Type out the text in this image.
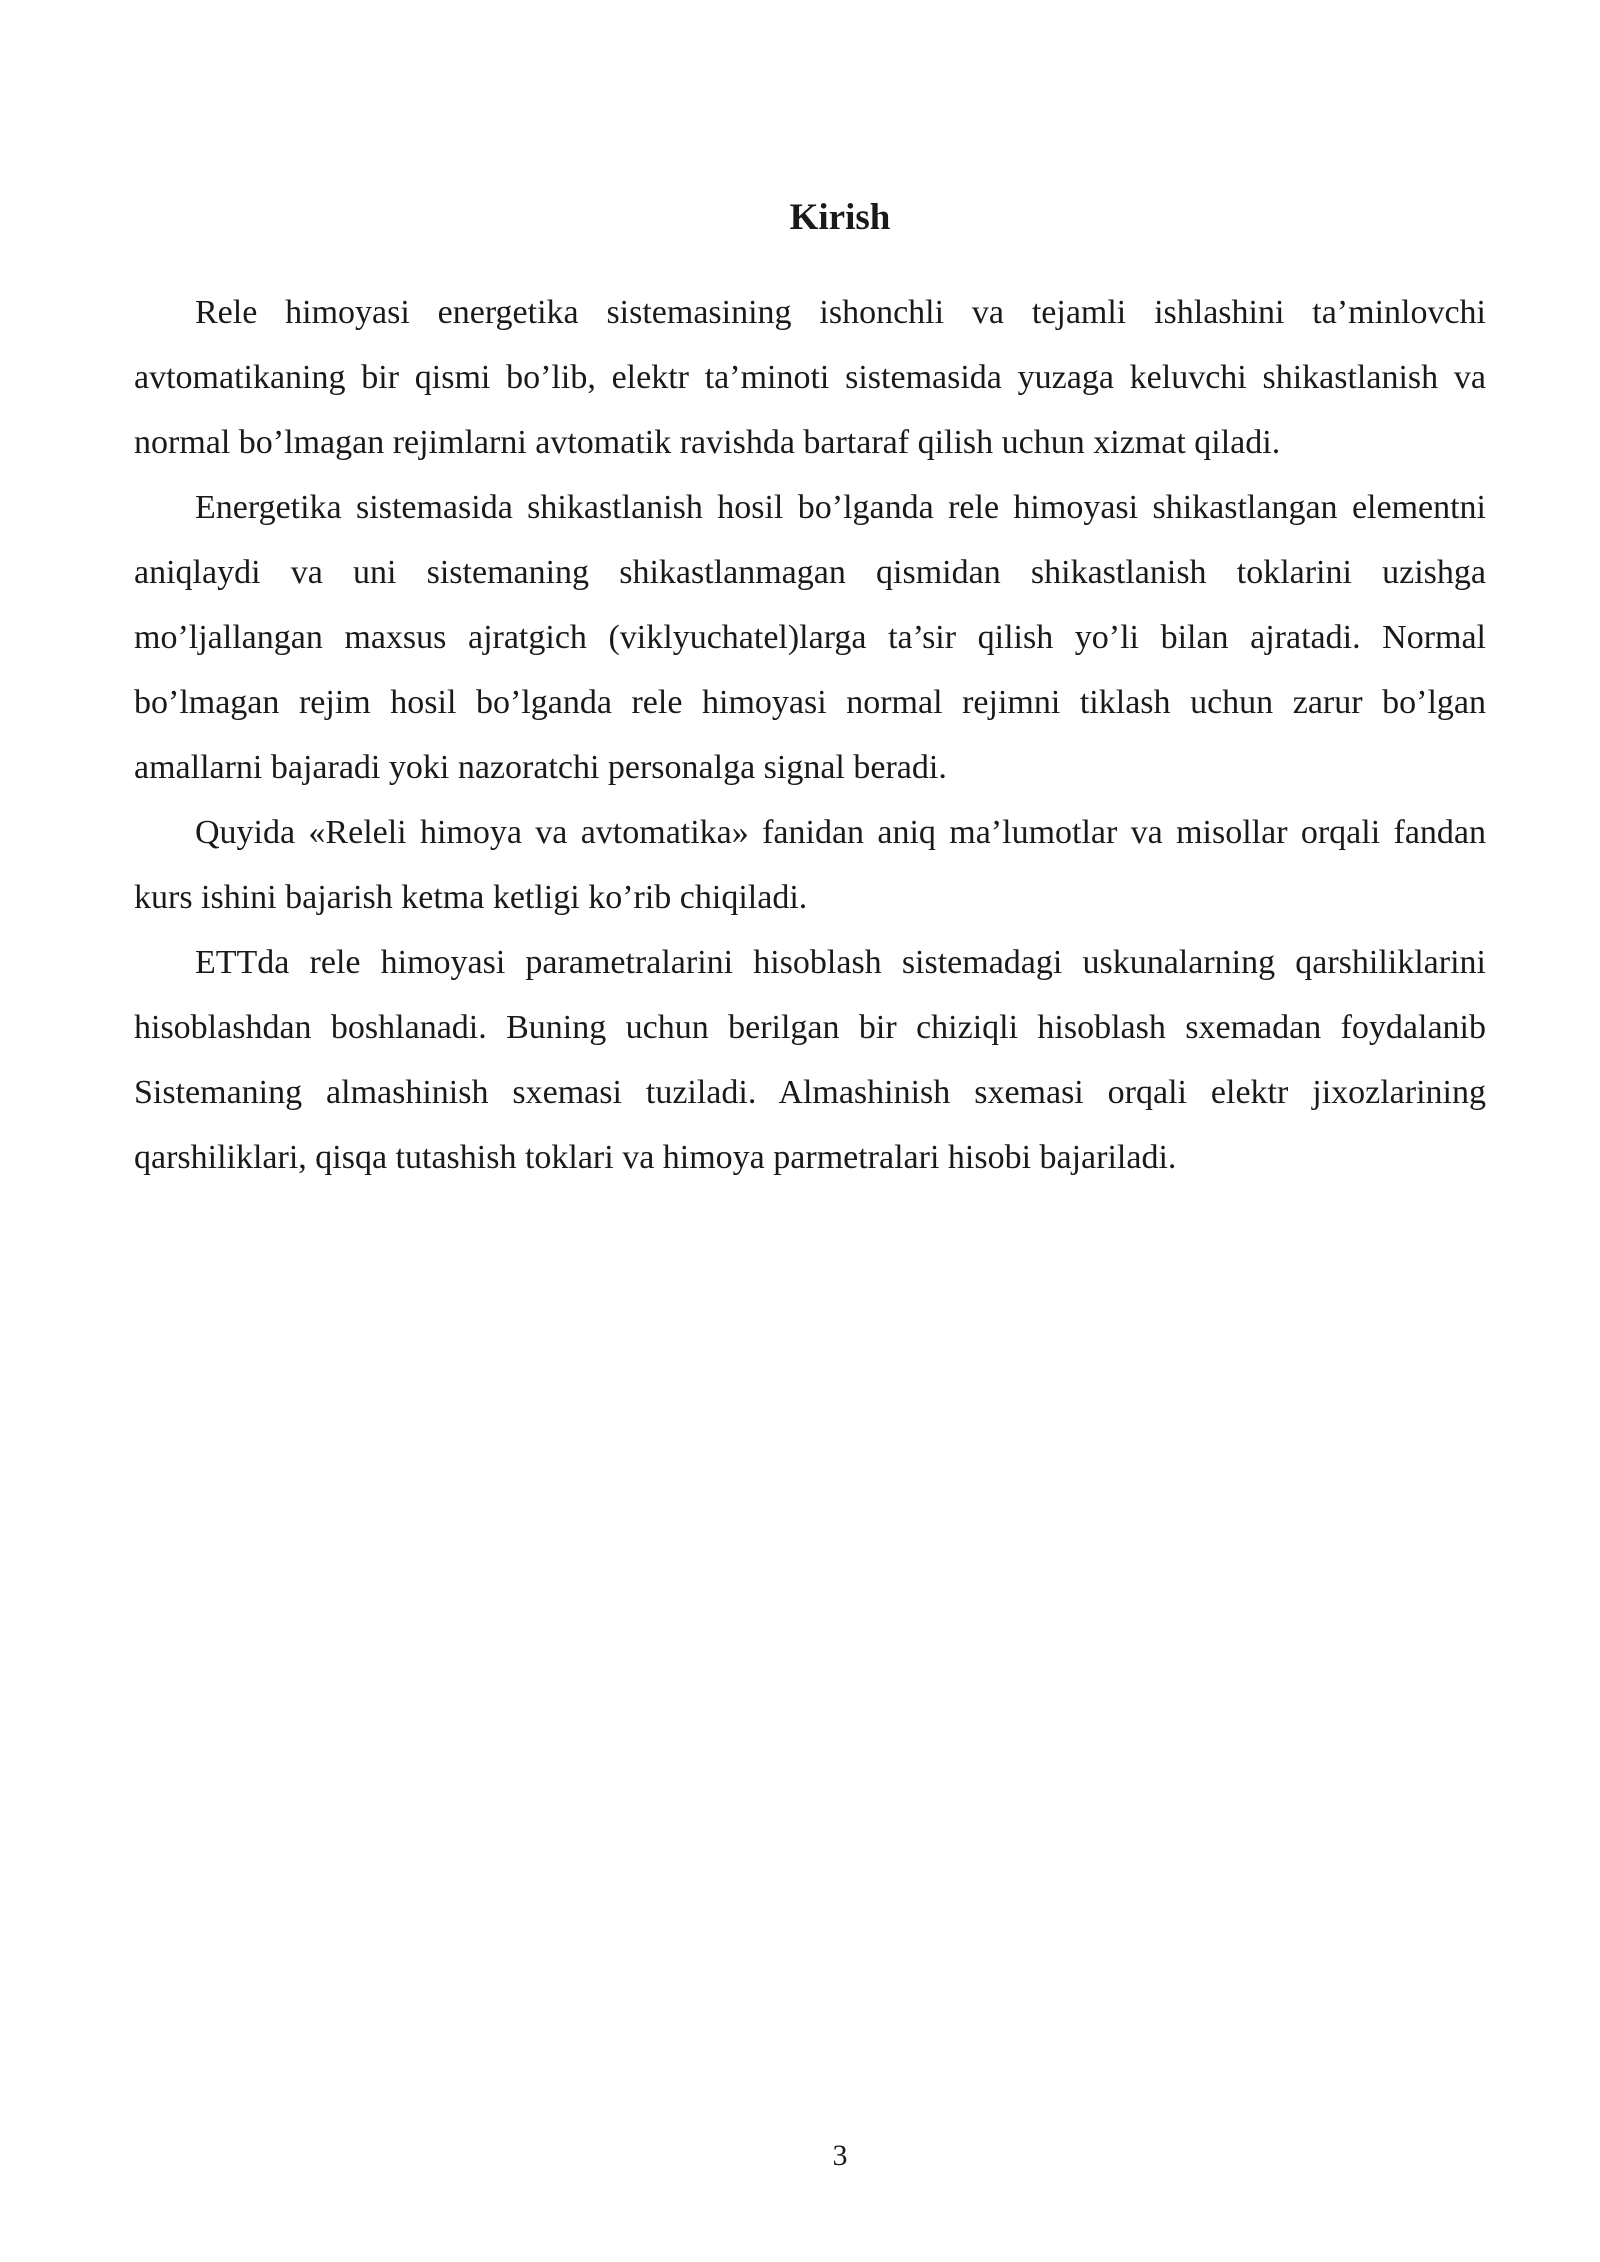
Kirish

Rele himoyasi energetika sistemasining ishonchli va tejamli ishlashini ta’minlovchi avtomatikaning bir qismi bo’lib, elektr ta’minoti sistemasida yuzaga keluvchi shikastlanish va normal bo’lmagan rejimlarni avtomatik ravishda bartaraf qilish uchun xizmat qiladi.

Energetika sistemasida shikastlanish hosil bo’lganda rele himoyasi shikastlangan elementni aniqlaydi va uni sistemaning shikastlanmagan qismidan shikastlanish toklarini uzishga mo’ljallangan maxsus ajratgich (viklyuchatel)larga ta’sir qilish yo’li bilan ajratadi. Normal bo’lmagan rejim hosil bo’lganda rele himoyasi normal rejimni tiklash uchun zarur bo’lgan amallarni bajaradi yoki nazoratchi personalga signal beradi.

Quyida «Releli himoya va avtomatika» fanidan aniq ma’lumotlar va misollar orqali fandan kurs ishini bajarish ketma ketligi ko’rib chiqiladi.

ETTda rele himoyasi parametralarini hisoblash sistemadagi uskunalarning qarshiliklarini hisoblashdan boshlanadi. Buning uchun berilgan bir chiziqli hisoblash sxemadan foydalanib Sistemaning almashinish sxemasi tuziladi. Almashinish sxemasi orqali elektr jixozlarining qarshiliklari, qisqa tutashish toklari va himoya parmetralari hisobi bajariladi.

3
